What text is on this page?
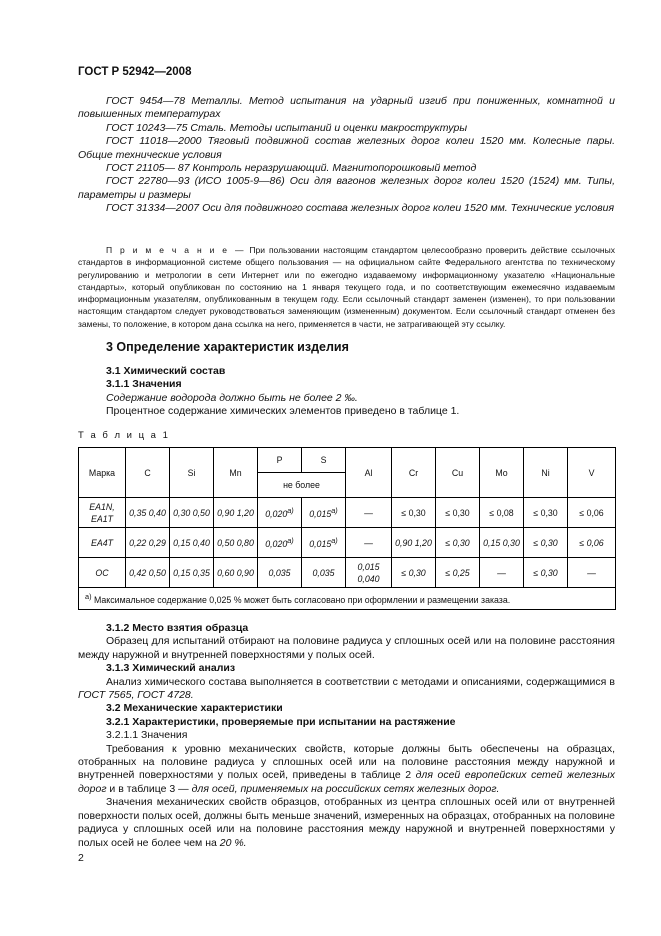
ГОСТ Р 52942—2008

ГОСТ 9454—78 Металлы. Метод испытания на ударный изгиб при пониженных, комнатной и повышенных температурах

ГОСТ 10243—75 Сталь. Методы испытаний и оценки макроструктуры

ГОСТ 11018—2000 Тяговый подвижной состав железных дорог колеи 1520 мм. Колесные пары. Общие технические условия

ГОСТ 21105— 87 Контроль неразрушающий. Магнитопорошковый метод

ГОСТ 22780—93 (ИСО 1005-9—86) Оси для вагонов железных дорог колеи 1520 (1524) мм. Типы, параметры и размеры

ГОСТ 31334—2007 Оси для подвижного состава железных дорог колеи 1520 мм. Технические условия

П р и м е ч а н и е — При пользовании настоящим стандартом целесообразно проверить действие ссылочных стандартов в информационной системе общего пользования — на официальном сайте Федерального агентства по техническому регулированию и метрологии в сети Интернет или по ежегодно издаваемому информационному указателю «Национальные стандарты», который опубликован по состоянию на 1 января текущего года, и по соответствующим ежемесячно издаваемым информационным указателям, опубликованным в текущем году. Если ссылочный стандарт заменен (изменен), то при пользовании настоящим стандартом следует руководствоваться заменяющим (измененным) документом. Если ссылочный стандарт отменен без замены, то положение, в котором дана ссылка на него, применяется в части, не затрагивающей эту ссылку.
3 Определение характеристик изделия

3.1 Химический состав

3.1.1 Значения

Содержание водорода должно быть не более 2 ‰.

Процентное содержание химических элементов приведено в таблице 1.

Т а б л и ц а 1
Марка	C	Si	Mn	P	S	Al	Cr	Cu	Mo	Ni	V
				не более							
EA1N, EA1T	0,35 0,40	0,30 0,50	0,90 1,20	$0,020^{а)}$	$0,015^{а)}$	—	≤ 0,30	≤ 0,30	≤ 0,08	≤ 0,30	≤ 0,06
EA4T	0,22 0,29	0,15 0,40	0,50 0,80	$0,020^{а)}$	$0,015^{а)}$	—	0,90 1,20	≤ 0,30	0,15 0,30	≤ 0,30	≤ 0,06
ОС	0,42 0,50	0,15 0,35	0,60 0,90	0,035	0,035	0,015 0,040	≤ 0,30	≤ 0,25	—	≤ 0,30	—
$^{а)}$ Максимальное содержание 0,025 % может быть согласовано при оформлении и размещении заказа.											

3.1.2 Место взятия образца

Образец для испытаний отбирают на половине радиуса у сплошных осей или на половине расстояния между наружной и внутренней поверхностями у полых осей.

3.1.3 Химический анализ

Анализ химического состава выполняется в соответствии с методами и описаниями, содержащимися в ГОСТ 7565, ГОСТ 4728.

3.2 Механические характеристики

3.2.1 Характеристики, проверяемые при испытании на растяжение

3.2.1.1 Значения

Требования к уровню механических свойств, которые должны быть обеспечены на образцах, отобранных на половине радиуса у сплошных осей или на половине расстояния между наружной и внутренней поверхностями у полых осей, приведены в таблице 2 для осей европейских сетей железных дорог и в таблице 3 — для осей, применяемых на российских сетях железных дорог.

Значения механических свойств образцов, отобранных из центра сплошных осей или от внутренней поверхности полых осей, должны быть меньше значений, измеренных на образцах, отобранных на половине радиуса у сплошных осей или на половине расстояния между наружной и внутренней поверхностями у полых осей не более чем на 20 %.

2
